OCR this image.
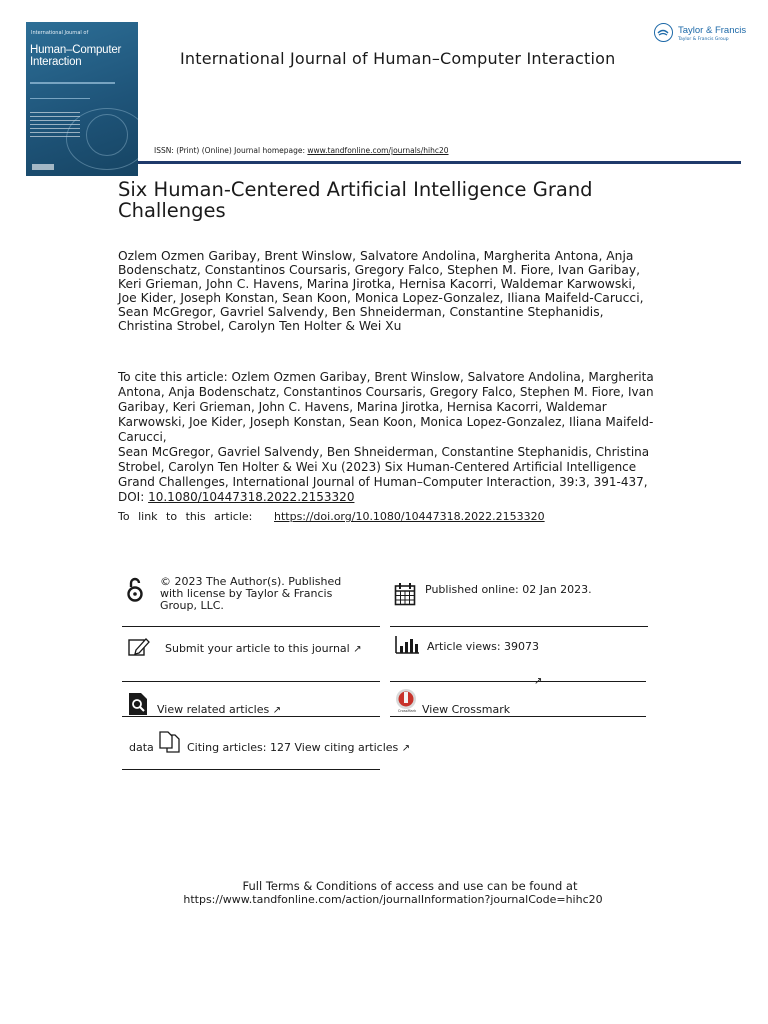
International Journal of
Human–Computer
Interaction	International Journal of Human–Computer Interaction
Taylor & Francis
Taylor & Francis Group
ISSN: (Print) (Online) Journal homepage: www.tandfonline.com/journals/hihc20
Six Human-Centered Artificial Intelligence Grand Challenges
Ozlem Ozmen Garibay, Brent Winslow, Salvatore Andolina, Margherita Antona, Anja Bodenschatz, Constantinos Coursaris, Gregory Falco, Stephen M. Fiore, Ivan Garibay, Keri Grieman, John C. Havens, Marina Jirotka, Hernisa Kacorri, Waldemar Karwowski, Joe Kider, Joseph Konstan, Sean Koon, Monica Lopez-Gonzalez, Iliana Maifeld-Carucci, Sean McGregor, Gavriel Salvendy, Ben Shneiderman, Constantine Stephanidis, Christina Strobel, Carolyn Ten Holter & Wei Xu
To cite this article: Ozlem Ozmen Garibay, Brent Winslow, Salvatore Andolina, Margherita Antona, Anja Bodenschatz, Constantinos Coursaris, Gregory Falco, Stephen M. Fiore, Ivan Garibay, Keri Grieman, John C. Havens, Marina Jirotka, Hernisa Kacorri, Waldemar Karwowski, Joe Kider, Joseph Konstan, Sean Koon, Monica Lopez-Gonzalez, Iliana Maifeld-Carucci,
Sean McGregor, Gavriel Salvendy, Ben Shneiderman, Constantine Stephanidis, Christina Strobel, Carolyn Ten Holter & Wei Xu (2023) Six Human-Centered Artificial Intelligence Grand Challenges, International Journal of Human–Computer Interaction, 39:3, 391-437, DOI: 10.1080/10447318.2022.2153320
To link to this article: https://doi.org/10.1080/10447318.2022.2153320
© 2023 The Author(s). Published
with license by Taylor & Francis
Group, LLC.
Published online: 02 Jan 2023.
Submit your article to this journal ↗︎	Article views: 39073
View related articles ↗︎	CrossMark View Crossmark
data	Citing articles: 127 View citing articles ↗︎
Full Terms & Conditions of access and use can be found at
https://www.tandfonline.com/action/journalInformation?journalCode=hihc20
